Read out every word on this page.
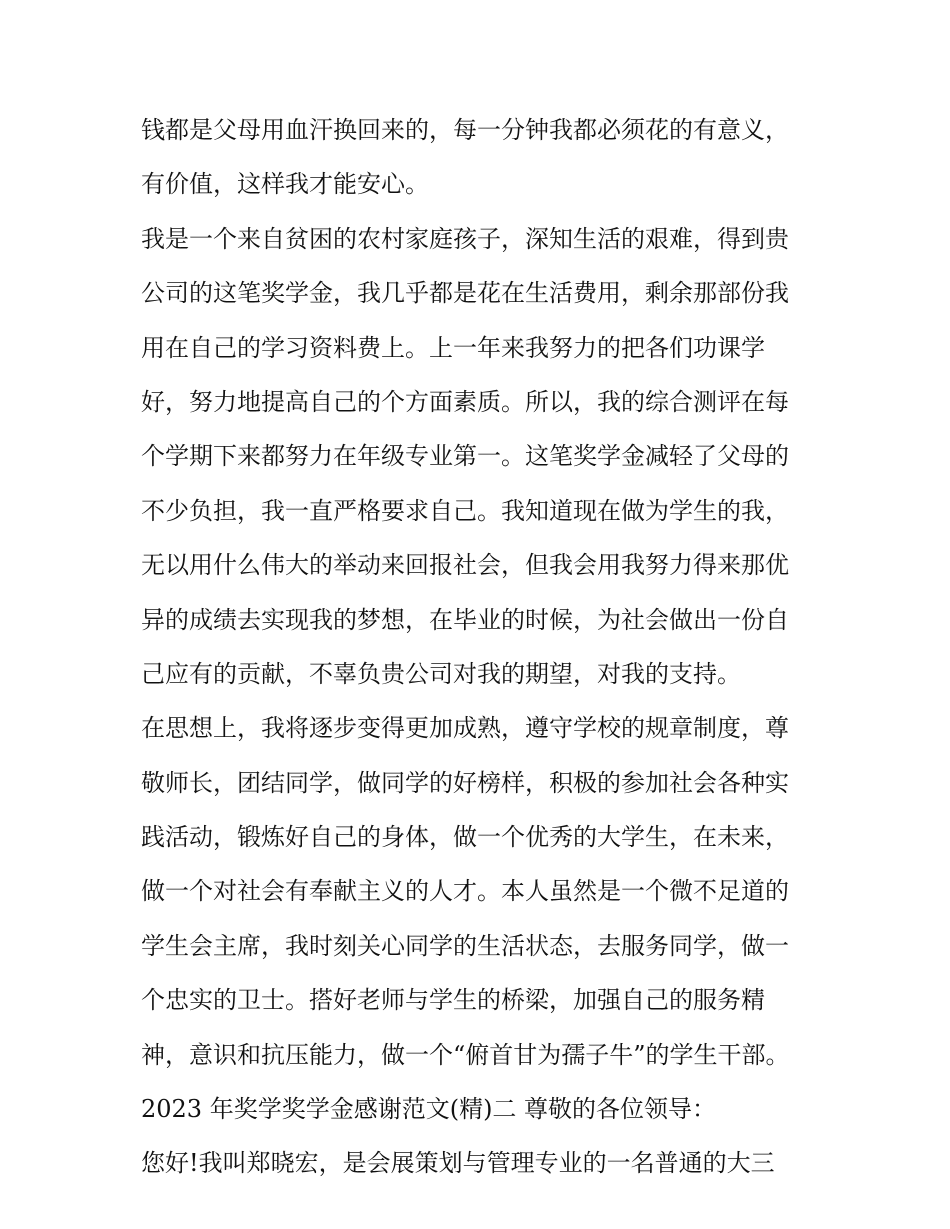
钱都是父母用血汗换回来的，每一分钟我都必须花的有意义，
有价值，这样我才能安心。
我是一个来自贫困的农村家庭孩子，深知生活的艰难，得到贵
公司的这笔奖学金，我几乎都是花在生活费用，剩余那部份我
用在自己的学习资料费上。上一年来我努力的把各们功课学
好，努力地提高自己的个方面素质。所以，我的综合测评在每
个学期下来都努力在年级专业第一。这笔奖学金减轻了父母的
不少负担，我一直严格要求自己。我知道现在做为学生的我，
无以用什么伟大的举动来回报社会，但我会用我努力得来那优
异的成绩去实现我的梦想，在毕业的时候，为社会做出一份自
己应有的贡献，不辜负贵公司对我的期望，对我的支持。
在思想上，我将逐步变得更加成熟，遵守学校的规章制度，尊
敬师长，团结同学，做同学的好榜样，积极的参加社会各种实
践活动，锻炼好自己的身体，做一个优秀的大学生，在未来，
做一个对社会有奉献主义的人才。本人虽然是一个微不足道的
学生会主席，我时刻关心同学的生活状态，去服务同学，做一
个忠实的卫士。搭好老师与学生的桥梁，加强自己的服务精
神，意识和抗压能力，做一个“俯首甘为孺子牛”的学生干部。
2023 年奖学奖学金感谢范文(精)二 尊敬的各位领导：
您好!我叫郑晓宏，是会展策划与管理专业的一名普通的大三
